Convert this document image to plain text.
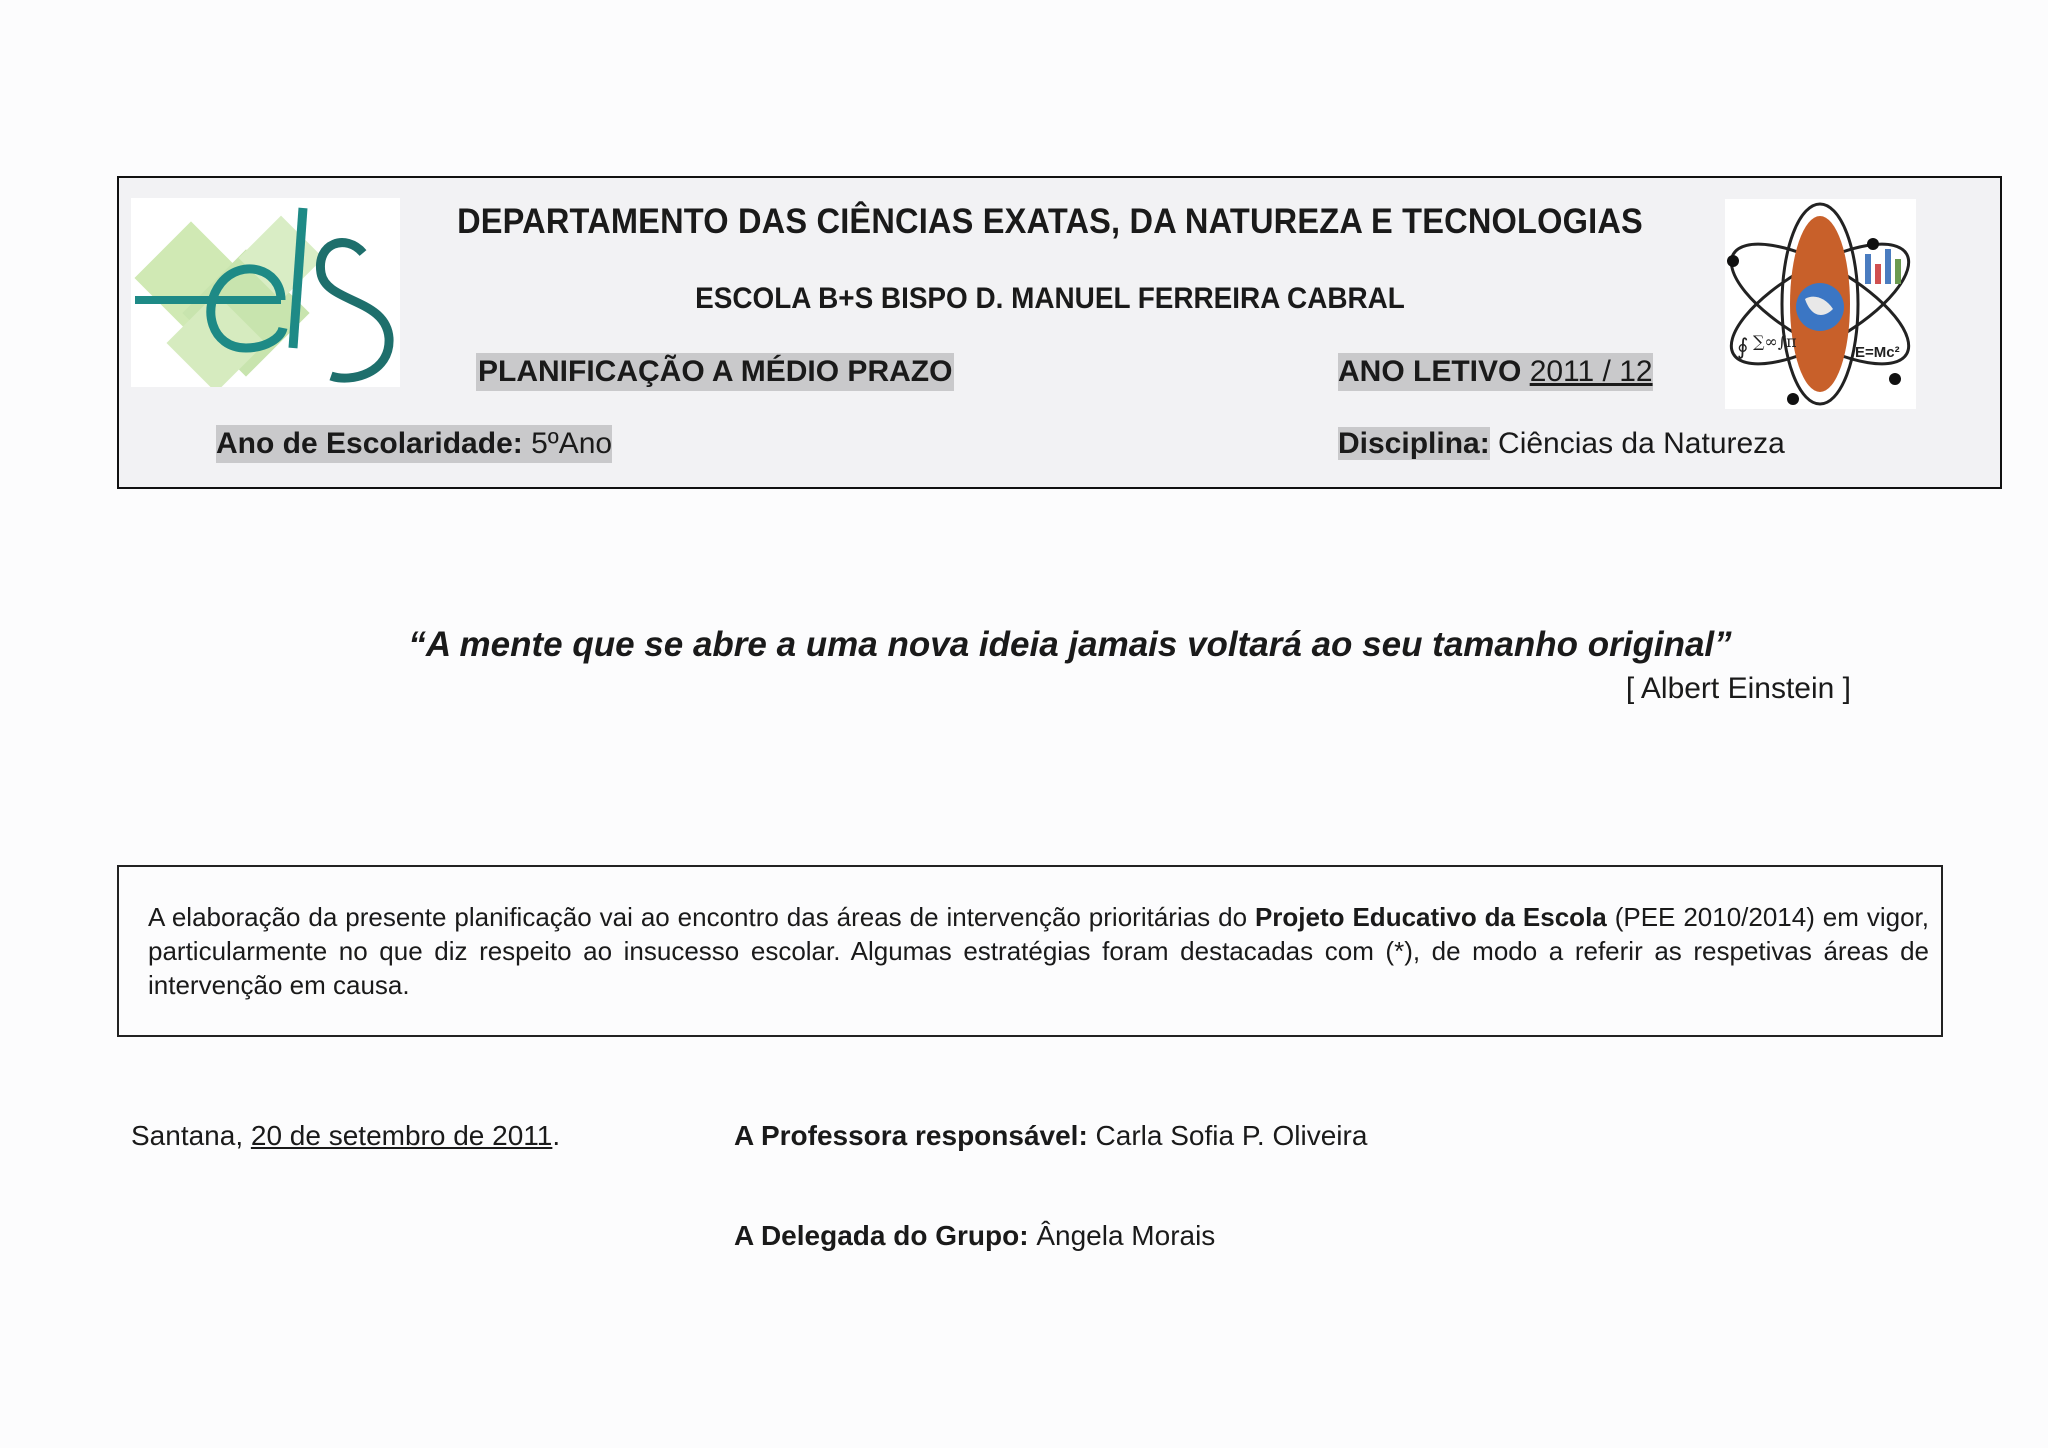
DEPARTAMENTO DAS CIÊNCIAS EXATAS, DA NATUREZA E TECNOLOGIAS
ESCOLA B+S BISPO D. MANUEL FERREIRA CABRAL
PLANIFICAÇÃO A MÉDIO PRAZO	ANO LETIVO 2011 / 12
Ano de Escolaridade: 5ºAno	Disciplina: Ciências da Natureza
∮ ∑∞∫π
E=Mc²
“A mente que se abre a uma nova ideia jamais voltará ao seu tamanho original”
[ Albert Einstein ]
A elaboração da presente planificação vai ao encontro das áreas de intervenção prioritárias do Projeto Educativo da Escola (PEE 2010/2014) em vigor, particularmente no que diz respeito ao insucesso escolar. Algumas estratégias foram destacadas com (*), de modo a referir as respetivas áreas de intervenção em causa.
Santana, 20 de setembro de 2011.	A Professora responsável: Carla Sofia P. Oliveira
A Delegada do Grupo: Ângela Morais
